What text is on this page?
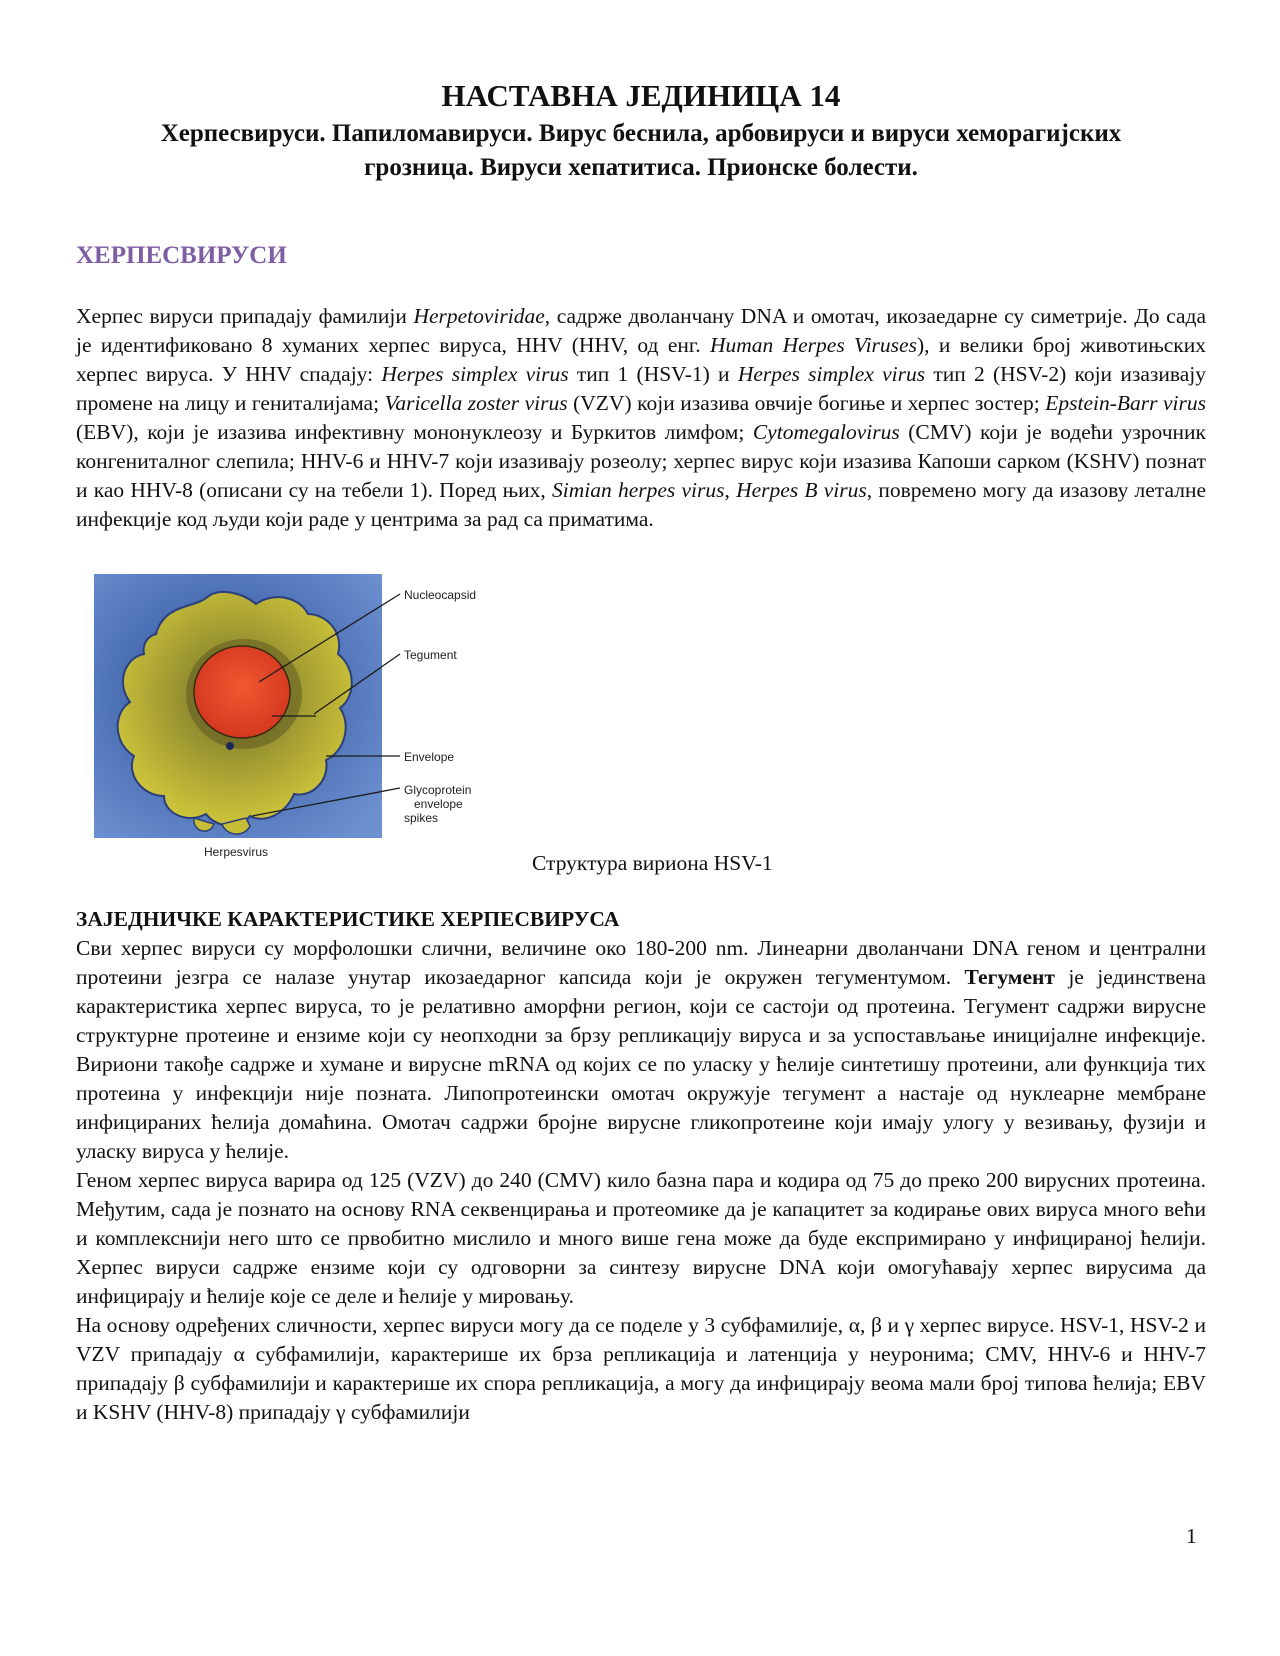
НАСТАВНА ЈЕДИНИЦА 14
Херпесвируси. Папиломавируси. Вирус беснила, арбовируси и вируси хеморагијских грозница. Вируси хепатитиса. Прионске болести.
ХЕРПЕСВИРУСИ

Херпес вируси припадају фамилији Herpetoviridae, садрже дволанчану DNA и омотач, икозаедарне су симетрије. До сада је идентификовано 8 хуманих херпес вируса, HHV (HHV, од енг. Human Herpes Viruses), и велики број животињских херпес вируса. У HHV спадају: Herpes simplex virus тип 1 (HSV-1) и Herpes simplex virus тип 2 (HSV-2) који изазивају промене на лицу и гениталијама; Varicella zoster virus (VZV) који изазива овчије богиње и херпес зостер; Epstein-Barr virus (EBV), који је изазива инфективну мононуклеозу и Буркитов лимфом; Cytomegalovirus (CMV) који је водећи узрочник конгениталног слепила; HHV-6 и HHV-7 који изазивају розеолу; херпес вирус који изазива Капоши сарком (KSHV) познат и као HHV-8 (описани су на тебели 1). Поред њих, Simian herpes virus, Herpes B virus, повремено могу да изазову леталне инфекције код људи који раде у центрима за рад са приматима.

Nucleocapsid
Tegument
Envelope
Glycoprotein
envelope
spikes
Herpesvirus	Структура вириона HSV-1

ЗАЈЕДНИЧКЕ КАРАКТЕРИСТИКЕ ХЕРПЕСВИРУСА

Сви херпес вируси су морфолошки слични, величине око 180-200 nm. Линеарни дволанчани DNA геном и централни протеини језгра се налазе унутар икозаедарног капсида који је окружен тегументумом. Тегумент је јединствена карактеристика херпес вируса, то је релативно аморфни регион, који се састоји од протеина. Тегумент садржи вирусне структурне протеине и ензиме који су неопходни за брзу репликацију вируса и за успостављање иницијалне инфекције. Вириони такође садрже и хумане и вирусне mRNA од којих се по уласку у ћелије синтетишу протеини, али функција тих протеина у инфекцији није позната. Липопротеински омотач окружује тегумент а настаје од нуклеарне мембране инфицираних ћелија домаћина. Омотач садржи бројне вирусне гликопротеине који имају улогу у везивању, фузији и уласку вируса у ћелије.

Геном херпес вируса варира од 125 (VZV) до 240 (CMV) кило базна пара и кодира од 75 до преко 200 вирусних протеина. Међутим, сада је познато на основу RNA секвенцирања и протеомике да је капацитет за кодирање ових вируса много већи и комплекснији него што се првобитно мислило и много више гена може да буде експримирано у инфицираној ћелији. Херпес вируси садрже ензиме који су одговорни за синтезу вирусне DNA који омогућавају херпес вирусима да инфицирају и ћелије које се деле и ћелије у мировању.

На основу одређених сличности, херпес вируси могу да се поделе у 3 субфамилије, α, β и γ херпес вирусе. HSV-1, HSV-2 и VZV припадају α субфамилији, карактерише их брза репликација и латенција у неуронима; CMV, HHV-6 и HHV-7 припадају β субфамилији и карактерише их спора репликација, а могу да инфицирају веома мали број типова ћелија; EBV и KSHV (HHV-8) припадају γ субфамилији

1
